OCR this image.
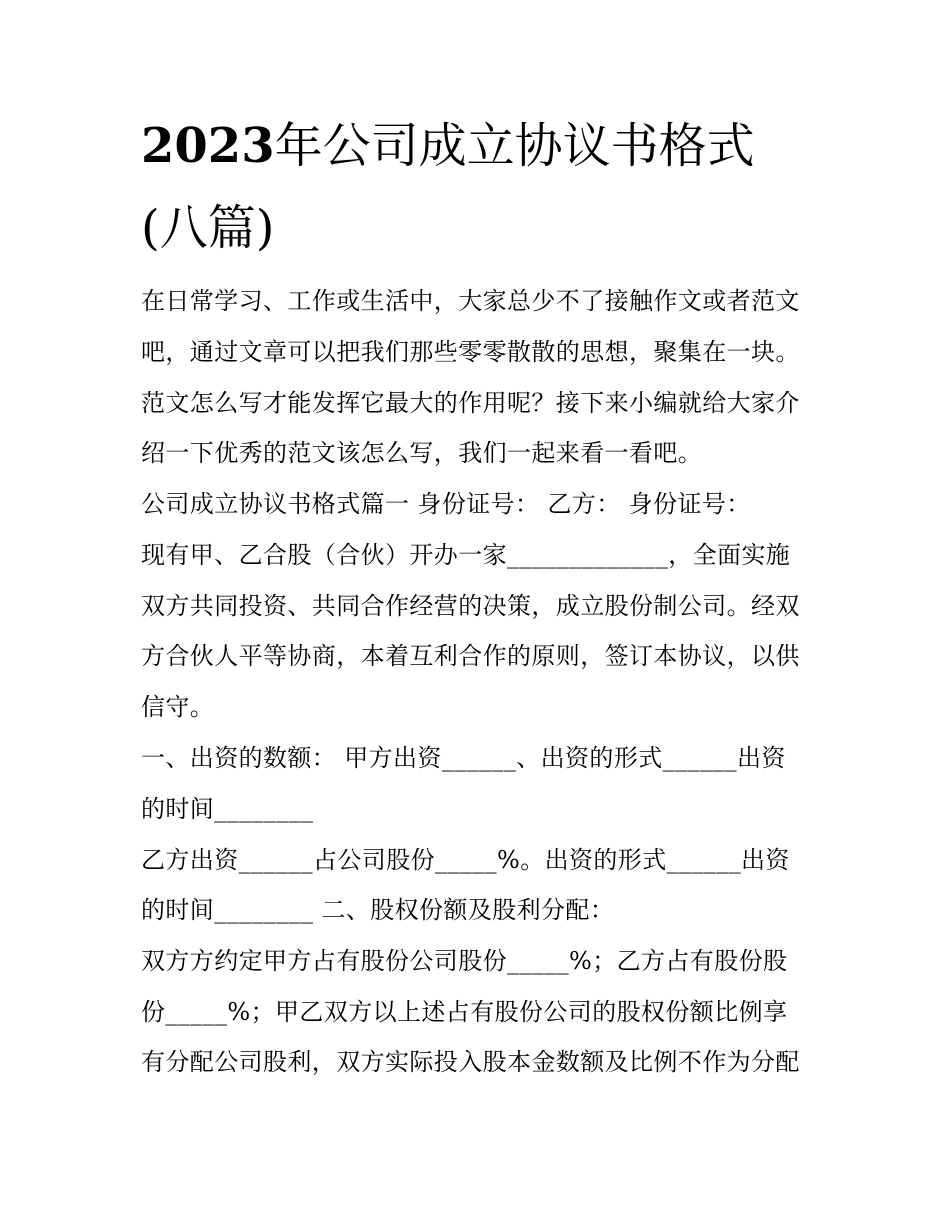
2023年公司成立协议书格式
(八篇)

在日常学习、工作或生活中，大家总少不了接触作文或者范文

吧，通过文章可以把我们那些零零散散的思想，聚集在一块。

范文怎么写才能发挥它最大的作用呢？接下来小编就给大家介

绍一下优秀的范文该怎么写，我们一起来看一看吧。

公司成立协议书格式篇一 身份证号： 乙方： 身份证号：

现有甲、乙合股（合伙）开办一家_____________，全面实施

双方共同投资、共同合作经营的决策，成立股份制公司。经双

方合伙人平等协商，本着互利合作的原则，签订本协议，以供

信守。

一、出资的数额： 甲方出资______、出资的形式______出资

的时间________

乙方出资______占公司股份_____%。出资的形式______出资

的时间________ 二、股权份额及股利分配：

双方方约定甲方占有股份公司股份_____%；乙方占有股份股

份_____%；甲乙双方以上述占有股份公司的股权份额比例享

有分配公司股利，双方实际投入股本金数额及比例不作为分配
